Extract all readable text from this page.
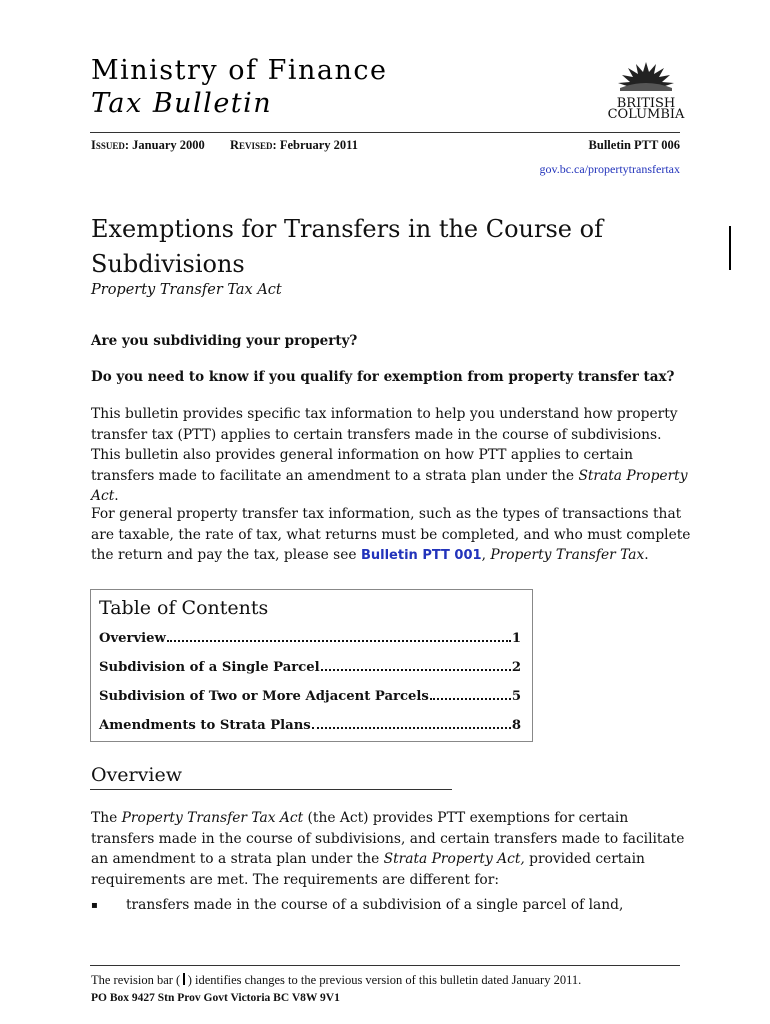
Ministry of Finance
Tax Bulletin	BRITISH
COLUMBIA
Issued: January 2000 Revised: February 2011	Bulletin PTT 006
gov.bc.ca/propertytransfertax
Exemptions for Transfers in the Course of Subdivisions
Property Transfer Tax Act
Are you subdividing your property?
Do you need to know if you qualify for exemption from property transfer tax?
This bulletin provides specific tax information to help you understand how property transfer tax (PTT) applies to certain transfers made in the course of subdivisions. This bulletin also provides general information on how PTT applies to certain transfers made to facilitate an amendment to a strata plan under the Strata Property Act.
For general property transfer tax information, such as the types of transactions that are taxable, the rate of tax, what returns must be completed, and who must complete the return and pay the tax, please see Bulletin PTT 001, Property Transfer Tax.
Table of Contents
Overview	1
Subdivision of a Single Parcel	2
Subdivision of Two or More Adjacent Parcels	5
Amendments to Strata Plans	8
Overview
The Property Transfer Tax Act (the Act) provides PTT exemptions for certain transfers made in the course of subdivisions, and certain transfers made to facilitate an amendment to a strata plan under the Strata Property Act, provided certain requirements are met. The requirements are different for:
▪ transfers made in the course of a subdivision of a single parcel of land,
The revision bar ( ) identifies changes to the previous version of this bulletin dated January 2011.
PO Box 9427 Stn Prov Govt Victoria BC V8W 9V1
